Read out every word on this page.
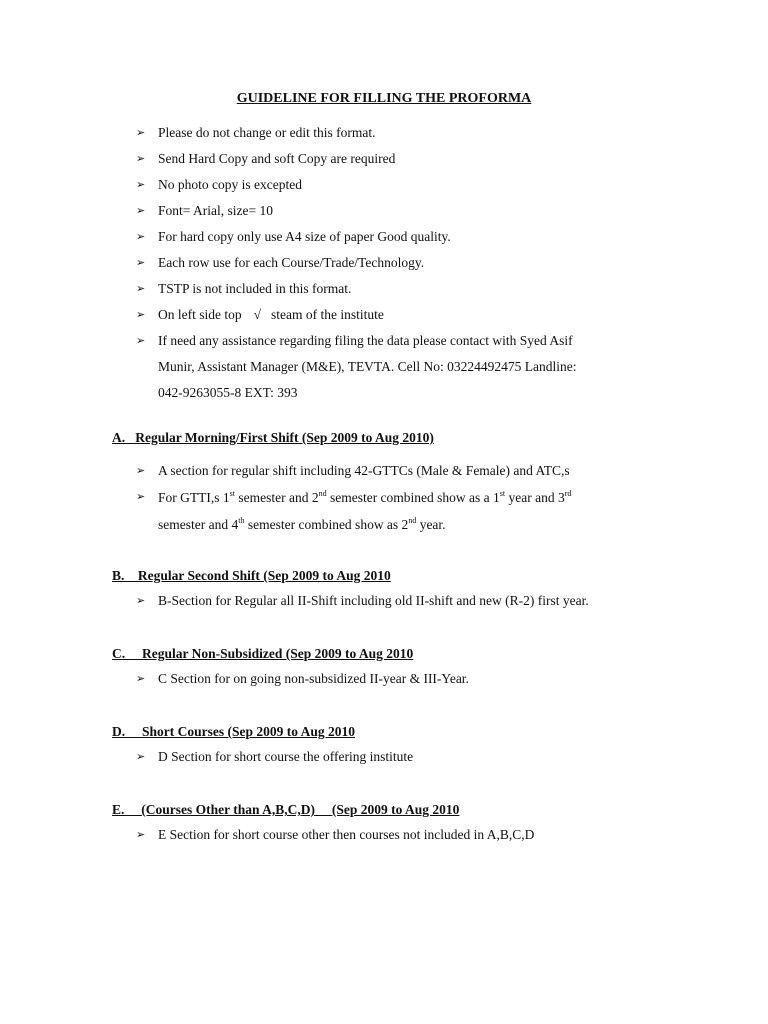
GUIDELINE FOR FILLING THE PROFORMA
➢ Please do not change or edit this format.
➢ Send Hard Copy and soft Copy are required
➢ No photo copy is excepted
➢ Font= Arial, size= 10
➢ For hard copy only use A4 size of paper Good quality.
➢ Each row use for each Course/Trade/Technology.
➢ TSTP is not included in this format.
➢ On left side top √ steam of the institute
➢ If need any assistance regarding filing the data please contact with Syed Asif
Munir, Assistant Manager (M&E), TEVTA. Cell No: 03224492475 Landline:
042-9263055-8 EXT: 393
A.   Regular Morning/First Shift (Sep 2009 to Aug 2010)
➢ A section for regular shift including 42-GTTCs (Male & Female) and ATC,s
➢ For GTTI,s 1st semester and 2nd semester combined show as a 1st year and 3rd
semester and 4th semester combined show as 2nd year.
B.    Regular Second Shift (Sep 2009 to Aug 2010
➢ B-Section for Regular all II-Shift including old II-shift and new (R-2) first year.
C.     Regular Non-Subsidized (Sep 2009 to Aug 2010
➢ C Section for on going non-subsidized II-year & III-Year.
D.     Short Courses (Sep 2009 to Aug 2010
➢ D Section for short course the offering institute
E.     (Courses Other than A,B,C,D)     (Sep 2009 to Aug 2010
➢ E Section for short course other then courses not included in A,B,C,D
